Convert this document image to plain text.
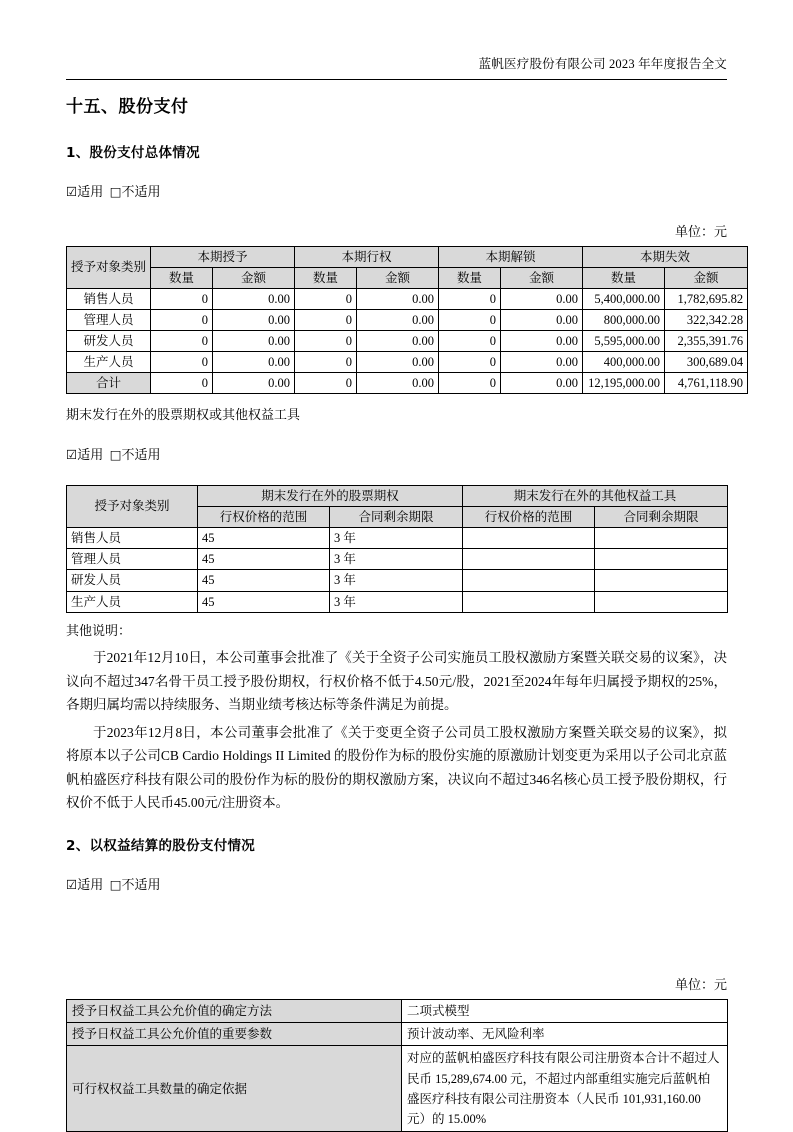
蓝帆医疗股份有限公司 2023 年年度报告全文
十五、股份支付
1、股份支付总体情况
☑适用 □不适用
单位：元
授予对象类别	本期授予		本期行权		本期解锁		本期失效	
	数量	金额	数量	金额	数量	金额	数量	金额
销售人员	0	0.00	0	0.00	0	0.00	5,400,000.00	1,782,695.82
管理人员	0	0.00	0	0.00	0	0.00	800,000.00	322,342.28
研发人员	0	0.00	0	0.00	0	0.00	5,595,000.00	2,355,391.76
生产人员	0	0.00	0	0.00	0	0.00	400,000.00	300,689.04
合计	0	0.00	0	0.00	0	0.00	12,195,000.00	4,761,118.90
期末发行在外的股票期权或其他权益工具
☑适用 □不适用
授予对象类别	期末发行在外的股票期权		期末发行在外的其他权益工具	
	行权价格的范围	合同剩余期限	行权价格的范围	合同剩余期限
销售人员	45	3 年		
管理人员	45	3 年		
研发人员	45	3 年		
生产人员	45	3 年		
其他说明：

于2021年12月10日，本公司董事会批准了《关于全资子公司实施员工股权激励方案暨关联交易的议案》，决议向不超过347名骨干员工授予股份期权，行权价格不低于4.50元/股，2021至2024年每年归属授予期权的25%，各期归属均需以持续服务、当期业绩考核达标等条件满足为前提。

于2023年12月8日，本公司董事会批准了《关于变更全资子公司员工股权激励方案暨关联交易的议案》，拟将原本以子公司CB Cardio Holdings II Limited 的股份作为标的股份实施的原激励计划变更为采用以子公司北京蓝帆柏盛医疗科技有限公司的股份作为标的股份的期权激励方案，决议向不超过346名核心员工授予股份期权，行权价不低于人民币45.00元/注册资本。

2、以权益结算的股份支付情况
☑适用 □不适用
单位：元
授予日权益工具公允价值的确定方法	二项式模型
授予日权益工具公允价值的重要参数	预计波动率、无风险利率
可行权权益工具数量的确定依据	对应的蓝帆柏盛医疗科技有限公司注册资本合计不超过人民币 15,289,674.00 元，不超过内部重组实施完后蓝帆柏盛医疗科技有限公司注册资本（人民币 101,931,160.00 元）的 15.00%
